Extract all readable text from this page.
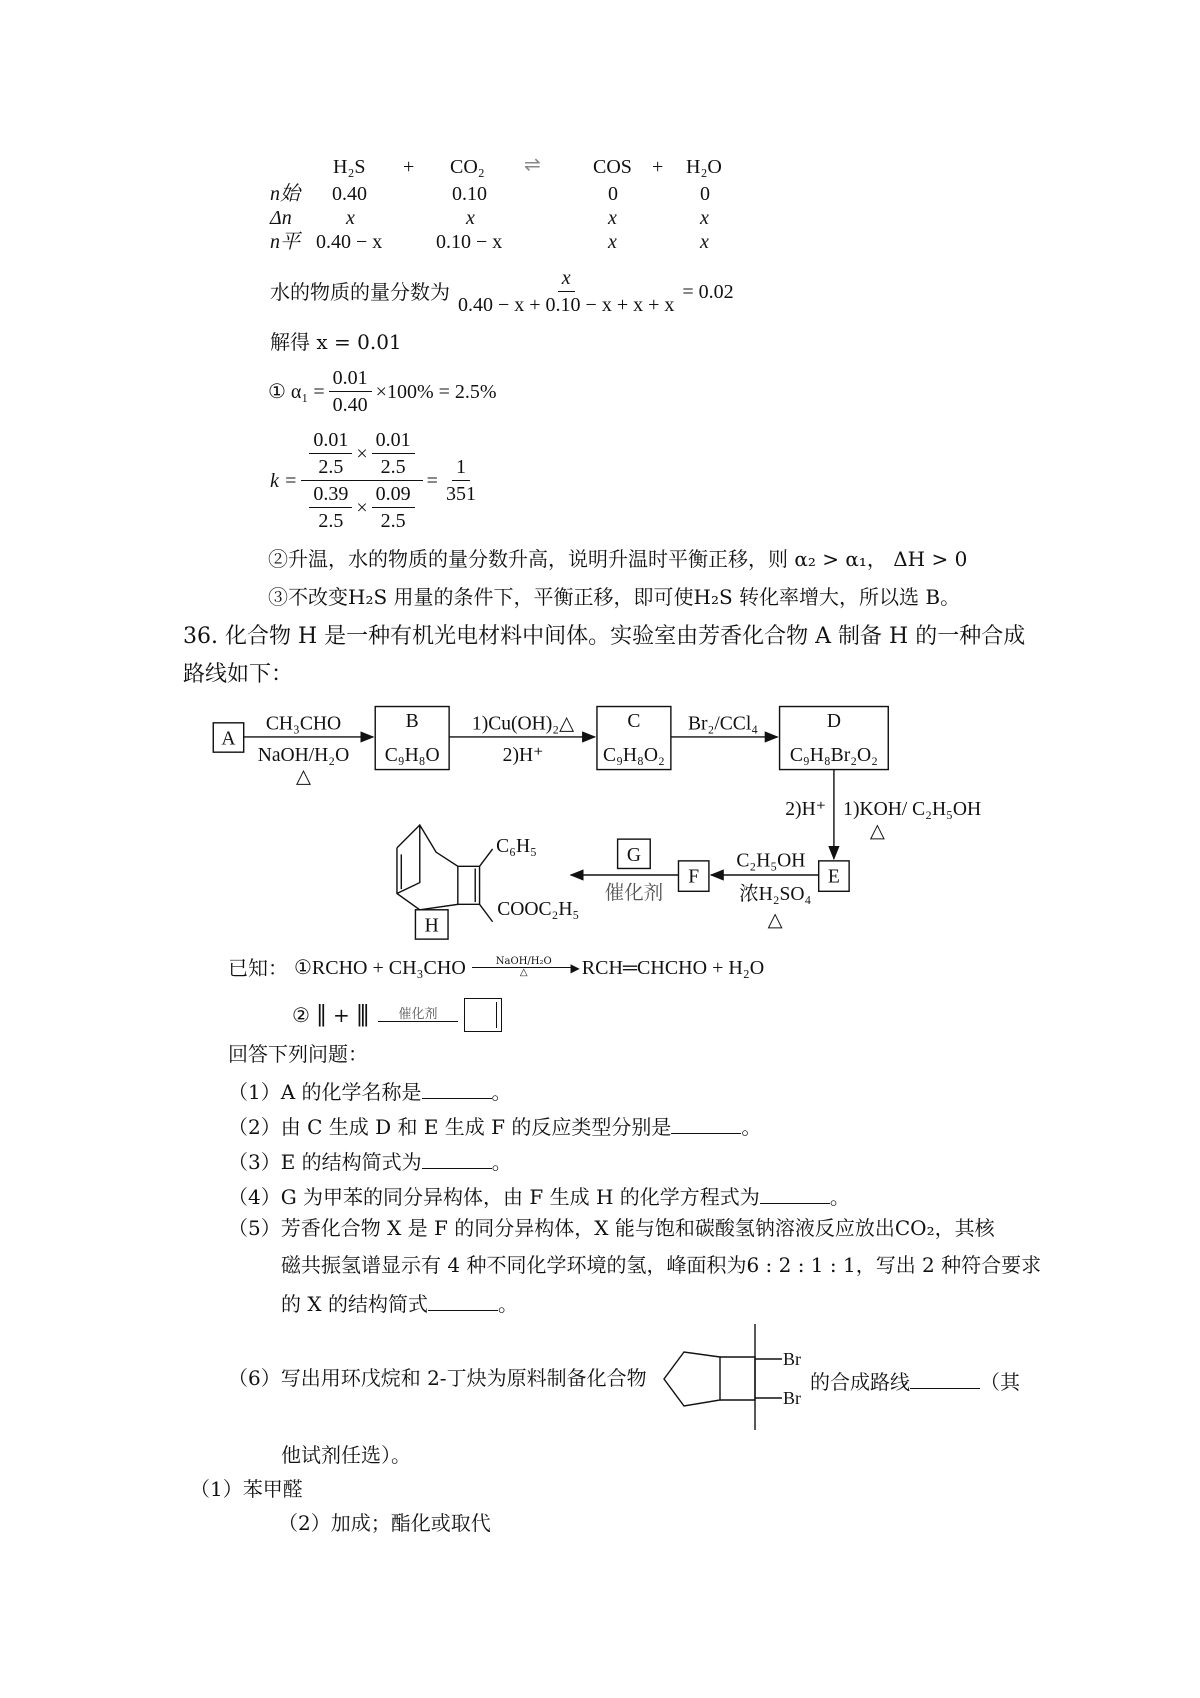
H₂S + CO₂ ⇌	COS + H₂O
n始 0.40	0.10	0	0
Δn	x	x	x	x
n平 0.40 − x	0.10 − x	x	x
水的物质的量分数为 $\frac{x}{0.40 - x + 0.10 - x + x + x} = 0.02$
解得 x = 0.01
① $\alpha_1 = \frac{0.01}{0.40} \times 100\% = 2.5\%$
$k = \frac{\frac{0.01}{2.5} \times \frac{0.01}{2.5}}{\frac{0.39}{2.5} \times \frac{0.09}{2.5}} = \frac{1}{351}$
②升温，水的物质的量分数升高，说明升温时平衡正移，则 α₂ > α₁， ΔH > 0
③不改变H₂S 用量的条件下，平衡正移，即可使H₂S 转化率增大，所以选 B。
36. 化合物 H 是一种有机光电材料中间体。实验室由芳香化合物 A 制备 H 的一种合成
路线如下：
A
B
C₉H₈O
C
C₉H₈O₂
D
C₉H₈Br₂O₂
E
F
G
H
CH₃CHO
NaOH/H₂O
△
1)Cu(OH)₂△
2)H⁺
Br₂/CCl₄
2)H⁺ 1)KOH/ C₂H₅OH
△
C₂H₅OH
浓H₂SO₄
△
催化剂
C₆H₅
COOC₂H₅
已知： ①RCHO + CH₃CHO	NaOH/H₂O ▶
△	RCH═CHCHO + H₂O
② ‖ + ||| 催化剂
回答下列问题：
（1）A 的化学名称是	。
（2）由 C 生成 D 和 E 生成 F 的反应类型分别是	。
（3）E 的结构简式为	。
（4）G 为甲苯的同分异构体，由 F 生成 H 的化学方程式为	。
（5）芳香化合物 X 是 F 的同分异构体，X 能与饱和碳酸氢钠溶液反应放出CO₂，其核
磁共振氢谱显示有 4 种不同化学环境的氢，峰面积为6 : 2 : 1 : 1，写出 2 种符合要求
的 X 的结构简式	。
（6）写出用环戊烷和 2-丁炔为原料制备化合物
Br
Br
的合成路线	（其
他试剂任选）。
（1）苯甲醛
（2）加成；酯化或取代
